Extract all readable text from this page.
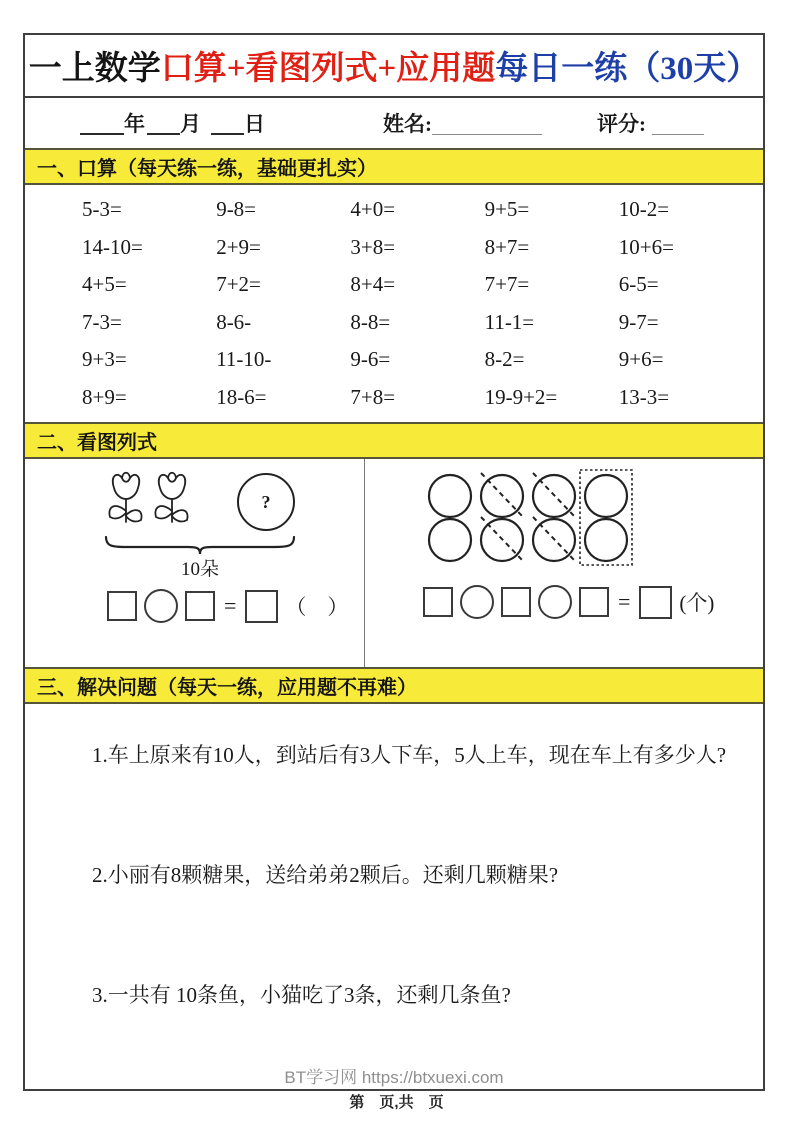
一上数学 口算+看图列式+应用题 每日一练（30天）
年 月 日	姓名:	评分:
一、口算（每天练一练，基础更扎实）
5-3=	9-8=	4+0=	9+5=	10-2=
14-10=	2+9=	3+8=	8+7=	10+6=
4+5=	7+2=	8+4=	7+7=	6-5=
7-3=	8-6-	8-8=	11-1=	9-7=
9+3=	11-10-	9-6=	8-2=	9+6=
8+9=	18-6=	7+8=	19-9+2=	13-3=
二、看图列式
?
10朵
= （　）	= (个)
三、解决问题（每天一练，应用题不再难）

1.车上原来有10人，到站后有3人下车，5人上车，现在车上有多少人?

2.小丽有8颗糖果，送给弟弟2颗后。还剩几颗糖果?

3.一共有 10条鱼，小猫吃了3条，还剩几条鱼?

BT学习网 https://btxuexi.com
第　页,共　页
